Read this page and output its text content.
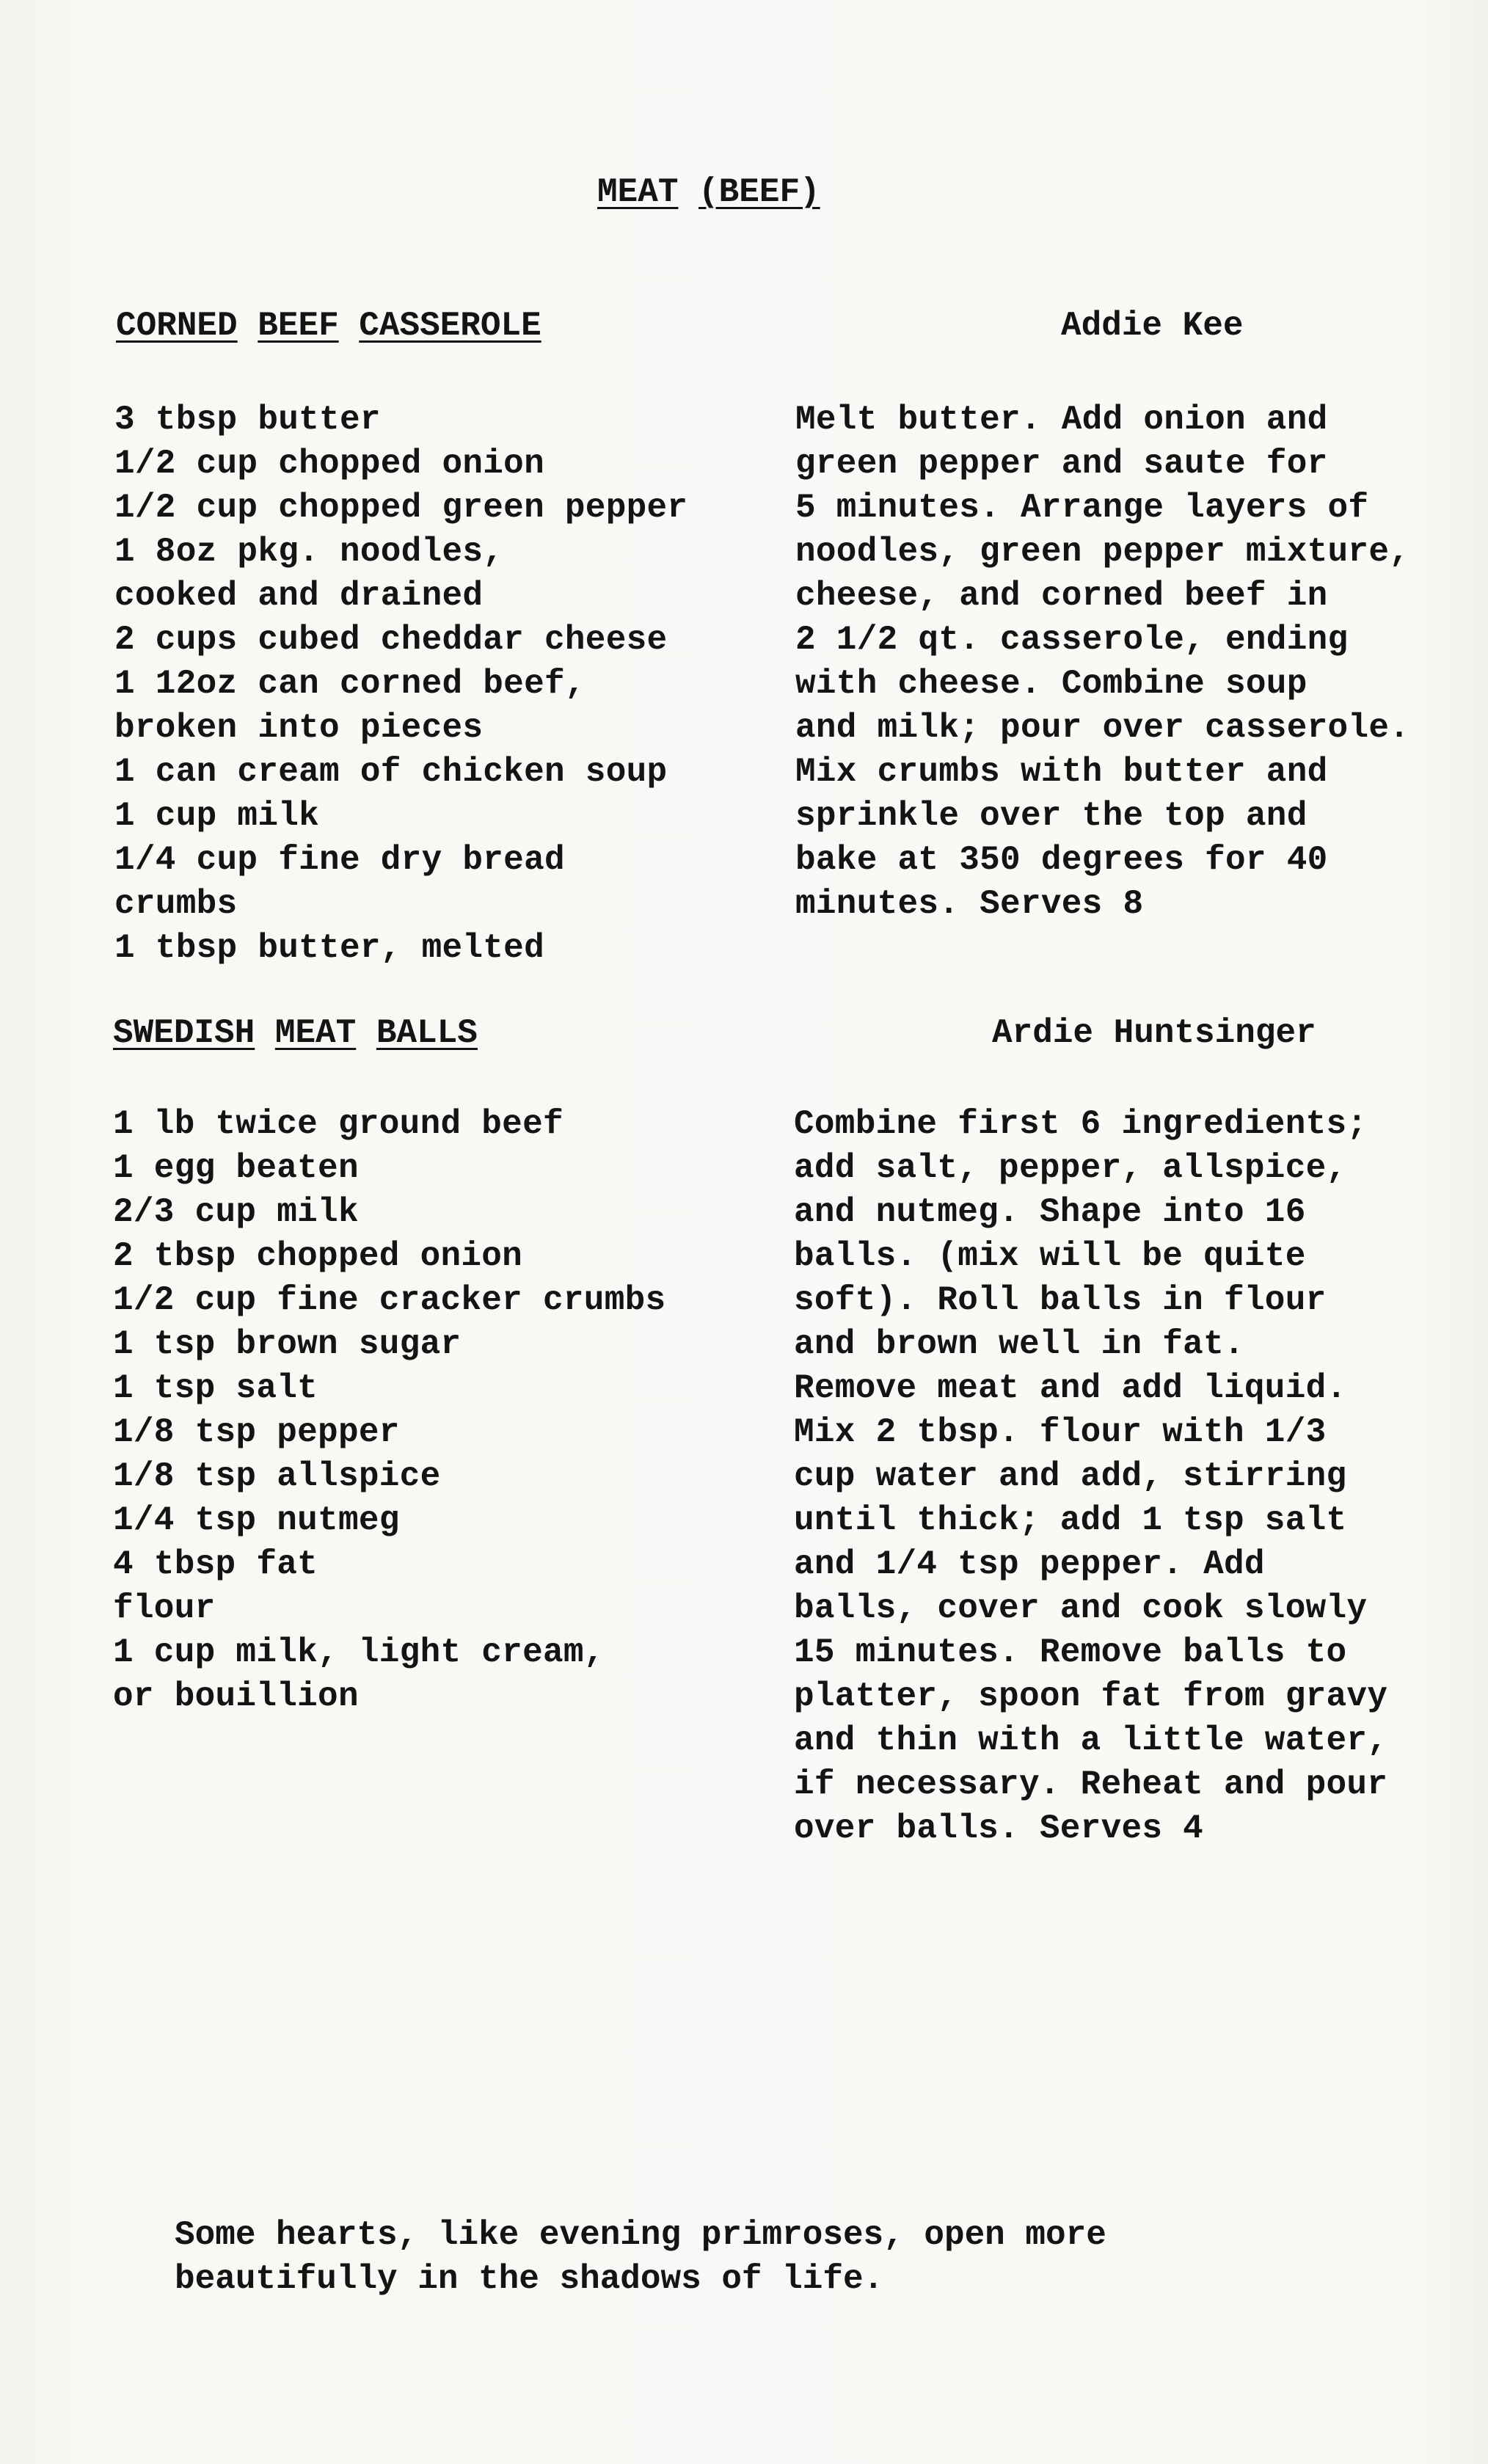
MEAT (BEEF)
CORNED BEEF CASSEROLE	Addie Kee
3 tbsp butter
1/2 cup chopped onion
1/2 cup chopped green pepper
1 8oz pkg. noodles,
cooked and drained
2 cups cubed cheddar cheese
1 12oz can corned beef,
broken into pieces
1 can cream of chicken soup
1 cup milk
1/4 cup fine dry bread
crumbs
1 tbsp butter, melted
Melt butter. Add onion and
green pepper and saute for
5 minutes. Arrange layers of
noodles, green pepper mixture,
cheese, and corned beef in
2 1/2 qt. casserole, ending
with cheese. Combine soup
and milk; pour over casserole.
Mix crumbs with butter and
sprinkle over the top and
bake at 350 degrees for 40
minutes. Serves 8
SWEDISH MEAT BALLS	Ardie Huntsinger
1 lb twice ground beef
1 egg beaten
2/3 cup milk
2 tbsp chopped onion
1/2 cup fine cracker crumbs
1 tsp brown sugar
1 tsp salt
1/8 tsp pepper
1/8 tsp allspice
1/4 tsp nutmeg
4 tbsp fat
flour
1 cup milk, light cream,
or bouillion
Combine first 6 ingredients;
add salt, pepper, allspice,
and nutmeg. Shape into 16
balls. (mix will be quite
soft). Roll balls in flour
and brown well in fat.
Remove meat and add liquid.
Mix 2 tbsp. flour with 1/3
cup water and add, stirring
until thick; add 1 tsp salt
and 1/4 tsp pepper. Add
balls, cover and cook slowly
15 minutes. Remove balls to
platter, spoon fat from gravy
and thin with a little water,
if necessary. Reheat and pour
over balls. Serves 4
Some hearts, like evening primroses, open more
beautifully in the shadows of life.
